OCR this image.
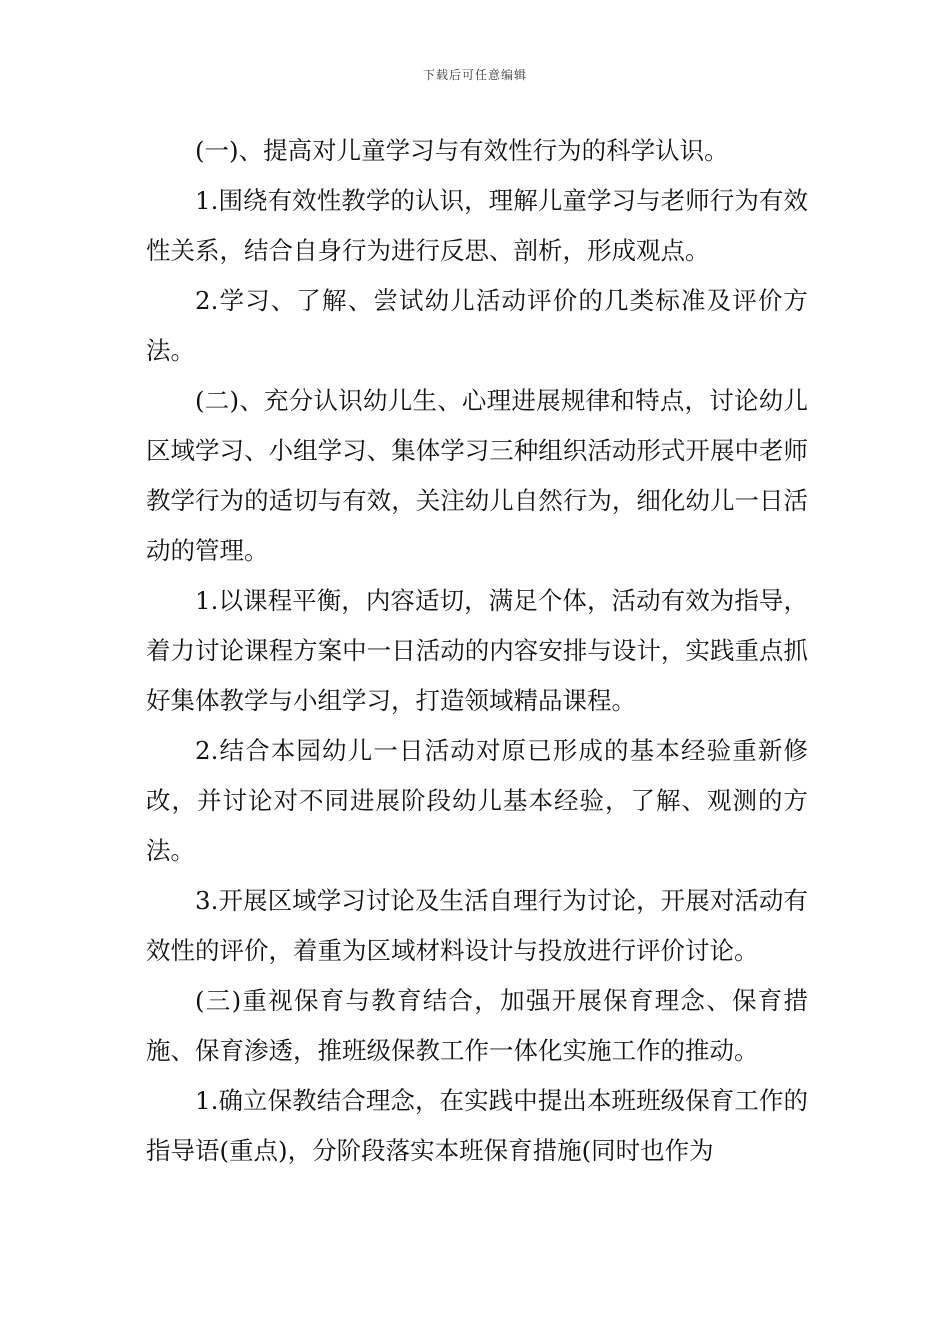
下载后可任意编辑

(一)、提高对儿童学习与有效性行为的科学认识。

1.围绕有效性教学的认识，理解儿童学习与老师行为有效性关系，结合自身行为进行反思、剖析，形成观点。

2.学习、了解、尝试幼儿活动评价的几类标准及评价方法。

(二)、充分认识幼儿生、心理进展规律和特点，讨论幼儿区域学习、小组学习、集体学习三种组织活动形式开展中老师教学行为的适切与有效，关注幼儿自然行为，细化幼儿一日活动的管理。

1.以课程平衡，内容适切，满足个体，活动有效为指导，着力讨论课程方案中一日活动的内容安排与设计，实践重点抓好集体教学与小组学习，打造领域精品课程。

2.结合本园幼儿一日活动对原已形成的基本经验重新修改，并讨论对不同进展阶段幼儿基本经验，了解、观测的方法。

3.开展区域学习讨论及生活自理行为讨论，开展对活动有效性的评价，着重为区域材料设计与投放进行评价讨论。

(三)重视保育与教育结合，加强开展保育理念、保育措施、保育渗透，推班级保教工作一体化实施工作的推动。

1.确立保教结合理念，在实践中提出本班班级保育工作的指导语(重点)，分阶段落实本班保育措施(同时也作为
